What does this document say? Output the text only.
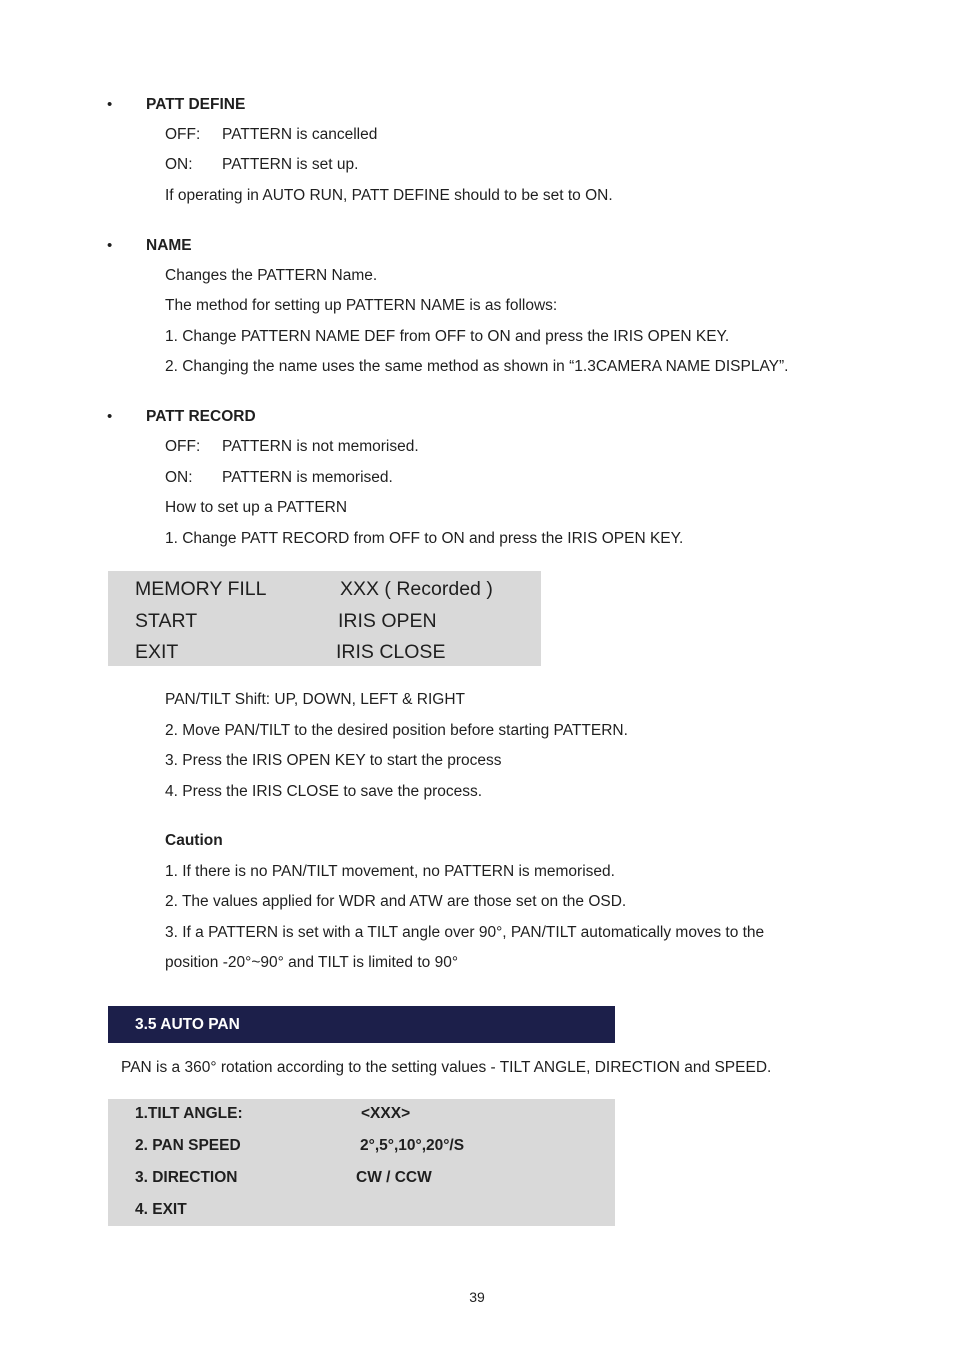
• PATT DEFINE
OFF: PATTERN is cancelled
ON: PATTERN is set up.
If operating in AUTO RUN, PATT DEFINE should to be set to ON.
• NAME
Changes the PATTERN Name.
The method for setting up PATTERN NAME is as follows:
1. Change PATTERN NAME DEF from OFF to ON and press the IRIS OPEN KEY.
2. Changing the name uses the same method as shown in “1.3CAMERA NAME DISPLAY”.
• PATT RECORD
OFF: PATTERN is not memorised.
ON: PATTERN is memorised.
How to set up a PATTERN
1. Change PATT RECORD from OFF to ON and press the IRIS OPEN KEY.
MEMORY FILL	XXX ( Recorded )
START	IRIS OPEN
EXIT	IRIS CLOSE
PAN/TILT Shift: UP, DOWN, LEFT & RIGHT
2. Move PAN/TILT to the desired position before starting PATTERN.
3. Press the IRIS OPEN KEY to start the process
4. Press the IRIS CLOSE to save the process.
Caution
1. If there is no PAN/TILT movement, no PATTERN is memorised.
2. The values applied for WDR and ATW are those set on the OSD.
3. If a PATTERN is set with a TILT angle over 90°, PAN/TILT automatically moves to the
position -20°~90° and TILT is limited to 90°
3.5 AUTO PAN
PAN is a 360° rotation according to the setting values - TILT ANGLE, DIRECTION and SPEED.
1.TILT ANGLE:	<XXX>
2. PAN SPEED	2°,5°,10°,20°/S
3. DIRECTION	CW / CCW
4. EXIT
39
